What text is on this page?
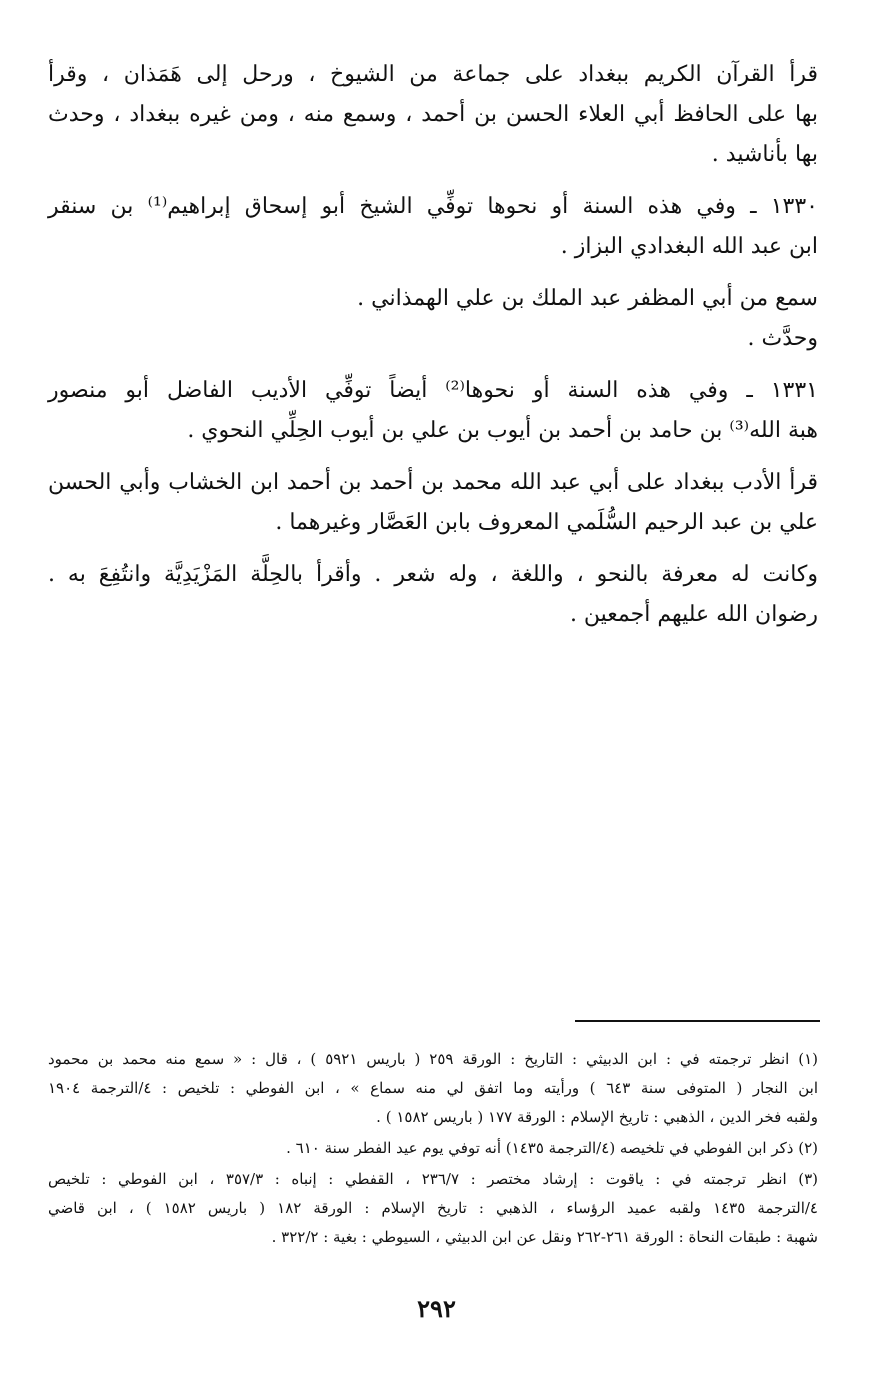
قرأ القرآن الكريم ببغداد على جماعة من الشيوخ ، ورحل إلى هَمَذان ، وقرأ
بها على الحافظ أبي العلاء الحسن بن أحمد ، وسمع منه ، ومن غيره ببغداد ، وحدث
بها بأناشيد .

١٣٣٠ ـ وفي هذه السنة أو نحوها توفِّي الشيخ أبو إسحاق إبراهيم⁽¹⁾ بن سنقر
ابن عبد الله البغدادي البزاز .

سمع من أبي المظفر عبد الملك بن علي الهمذاني .
وحدَّث .

١٣٣١ ـ وفي هذه السنة أو نحوها⁽²⁾ أيضاً توفِّي الأديب الفاضل أبو منصور
هبة الله⁽³⁾ بن حامد بن أحمد بن أيوب بن علي بن أيوب الحِلِّي النحوي .

قرأ الأدب ببغداد على أبي عبد الله محمد بن أحمد بن أحمد ابن الخشاب وأبي الحسن
علي بن عبد الرحيم السُّلَمي المعروف بابن العَصَّار وغيرهما .

وكانت له معرفة بالنحو ، واللغة ، وله شعر . وأقرأ بالحِلَّة المَزْيَدِيَّة وانتُفِعَ به .
رضوان الله عليهم أجمعين .

(١) انظر ترجمته في : ابن الدبيثي : التاريخ : الورقة ٢٥٩ ( باريس ٥٩٢١ ) ، قال : « سمع منه محمد بن محمود
ابن النجار ( المتوفى سنة ٦٤٣ ) ورأيته وما اتفق لي منه سماع » ، ابن الفوطي : تلخيص : ٤/الترجمة ١٩٠٤
ولقبه فخر الدين ، الذهبي : تاريخ الإسلام : الورقة ١٧٧ ( باريس ١٥٨٢ ) .
(٢) ذكر ابن الفوطي في تلخيصه (٤/الترجمة ١٤٣٥) أنه توفي يوم عيد الفطر سنة ٦١٠ .
(٣) انظر ترجمته في : ياقوت : إرشاد مختصر : ٢٣٦/٧ ، القفطي : إنباه : ٣٥٧/٣ ، ابن الفوطي : تلخيص
٤/الترجمة ١٤٣٥ ولقبه عميد الرؤساء ، الذهبي : تاريخ الإسلام : الورقة ١٨٢ ( باريس ١٥٨٢ ) ، ابن قاضي
شهبة : طبقات النحاة : الورقة ٢٦١-٢٦٢ ونقل عن ابن الدبيثي ، السيوطي : بغية : ٣٢٢/٢ .
٢٩٢
